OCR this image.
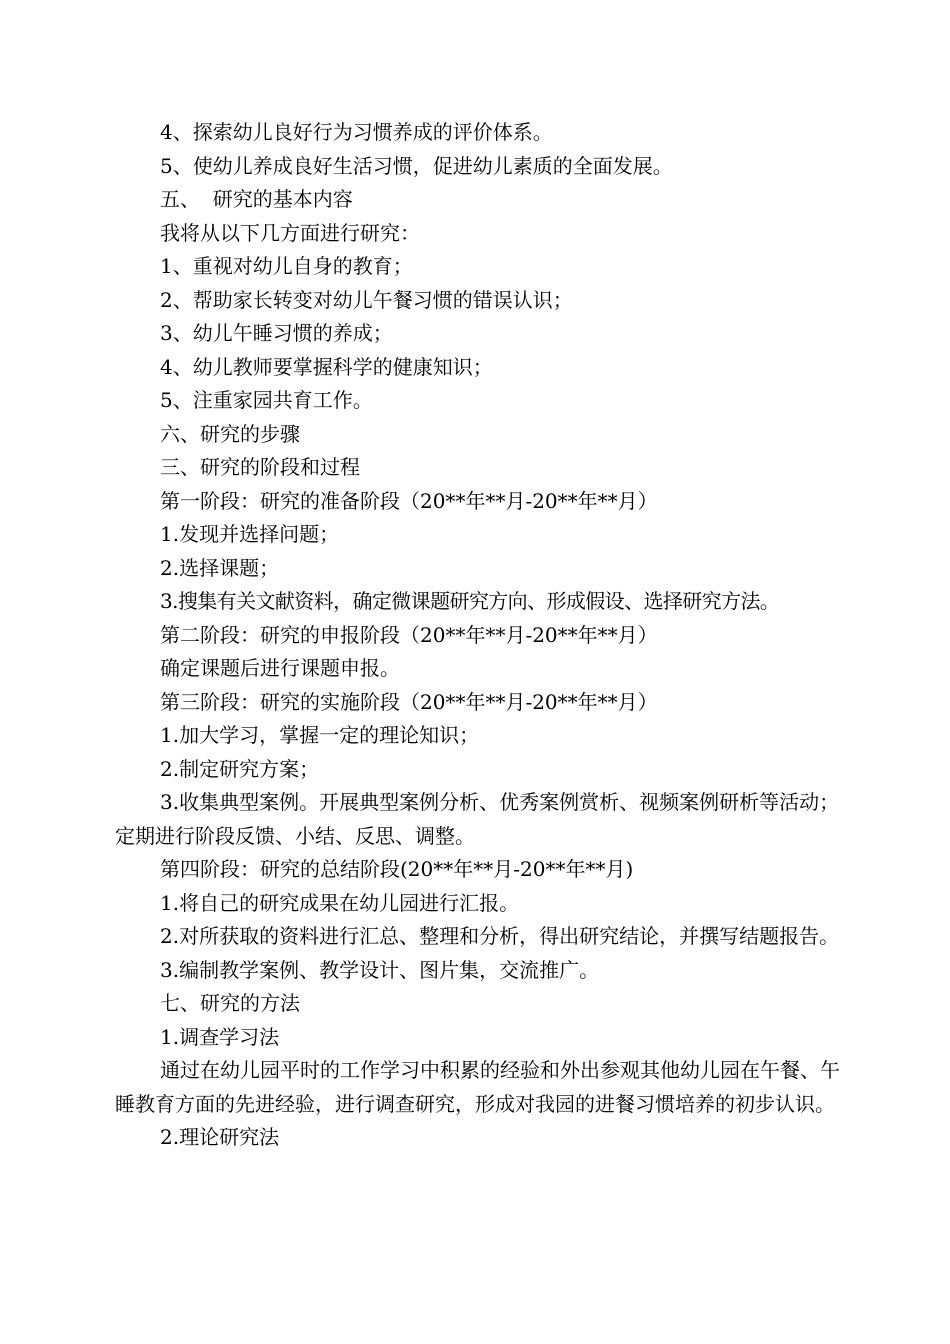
4、探索幼儿良好行为习惯养成的评价体系。

5、使幼儿养成良好生活习惯，促进幼儿素质的全面发展。

五、  研究的基本内容

我将从以下几方面进行研究：

1、重视对幼儿自身的教育；

2、帮助家长转变对幼儿午餐习惯的错误认识；

3、幼儿午睡习惯的养成；

4、幼儿教师要掌握科学的健康知识；

5、注重家园共育工作。

六、研究的步骤

三、研究的阶段和过程

第一阶段：研究的准备阶段（20**年**月-20**年**月）

1.发现并选择问题；

2.选择课题；

3.搜集有关文献资料，确定微课题研究方向、形成假设、选择研究方法。

第二阶段：研究的申报阶段（20**年**月-20**年**月）

确定课题后进行课题申报。

第三阶段：研究的实施阶段（20**年**月-20**年**月）

1.加大学习，掌握一定的理论知识；

2.制定研究方案；

3.收集典型案例。开展典型案例分析、优秀案例赏析、视频案例研析等活动；定期进行阶段反馈、小结、反思、调整。

第四阶段：研究的总结阶段(20**年**月-20**年**月)

1.将自己的研究成果在幼儿园进行汇报。

2.对所获取的资料进行汇总、整理和分析，得出研究结论，并撰写结题报告。

3.编制教学案例、教学设计、图片集，交流推广。

七、研究的方法

1.调查学习法

通过在幼儿园平时的工作学习中积累的经验和外出参观其他幼儿园在午餐、午睡教育方面的先进经验，进行调查研究，形成对我园的进餐习惯培养的初步认识。

2.理论研究法
